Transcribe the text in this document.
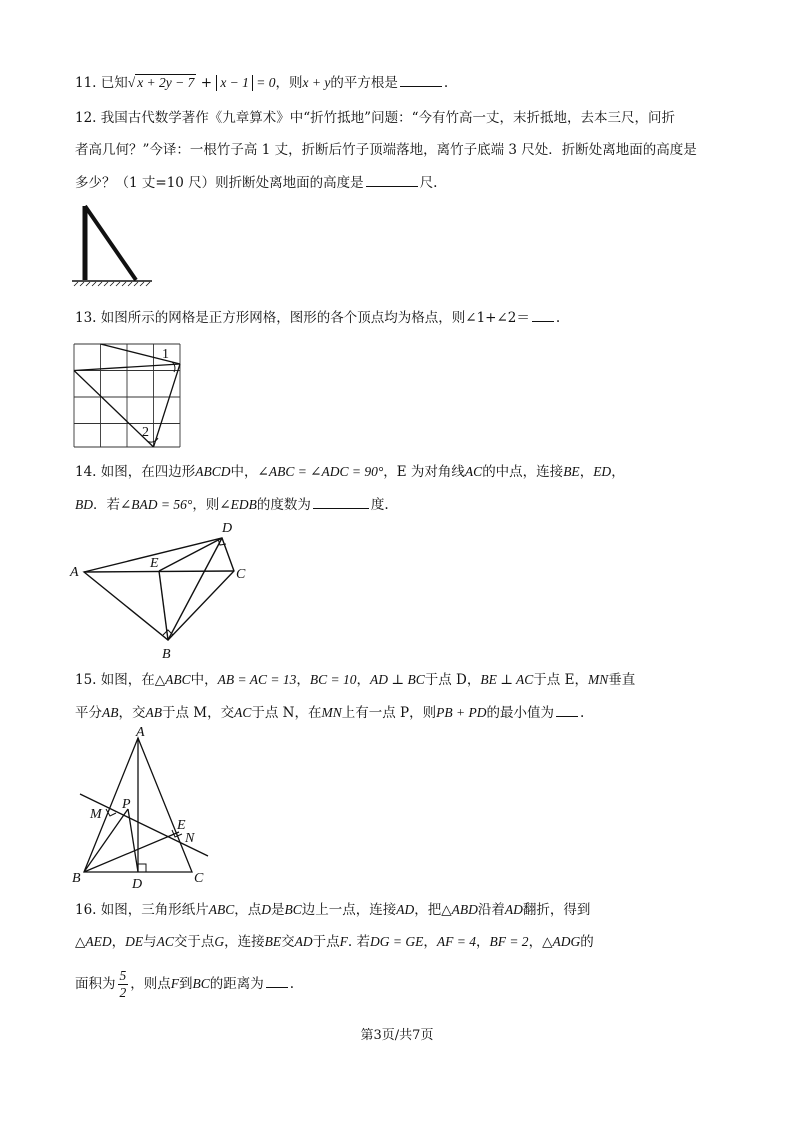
11. 已知√ x + 2y − 7 + x − 1 = 0，则x + y的平方根是	.
12. 我国古代数学著作《九章算术》中“折竹抵地”问题：“今有竹高一丈，末折抵地，去本三尺，问折
者高几何？”今译：一根竹子高 1 丈，折断后竹子顶端落地，离竹子底端 3 尺处．折断处离地面的高度是
多少？（1 丈=10 尺）则折断处离地面的高度是	尺.
13. 如图所示的网格是正方形网格，图形的各个顶点均为格点，则∠1+∠2＝ .
1
2
14. 如图，在四边形ABCD中，∠ABC = ∠ADC = 90°，E 为对角线AC的中点，连接BE，ED，
BD．若∠BAD = 56°，则∠EDB的度数为	度.
A
D
C
E
B
15. 如图，在△ABC中，AB = AC = 13，BC = 10，AD ⊥ BC于点 D，BE ⊥ AC于点 E，MN垂直
平分AB，交AB于点 M，交AC于点 N，在MN上有一点 P，则PB + PD的最小值为 .
A
B	C
D
E
M
N
P
16. 如图，三角形纸片ABC，点D是BC边上一点，连接AD，把△ABD沿着AD翻折，得到
△AED，DE与AC交于点G，连接BE交AD于点F. 若DG = GE，AF = 4，BF = 2，△ADG的
面积为 $\frac{5}{2}$ ，则点F到BC的距离为 .
第3页/共7页
